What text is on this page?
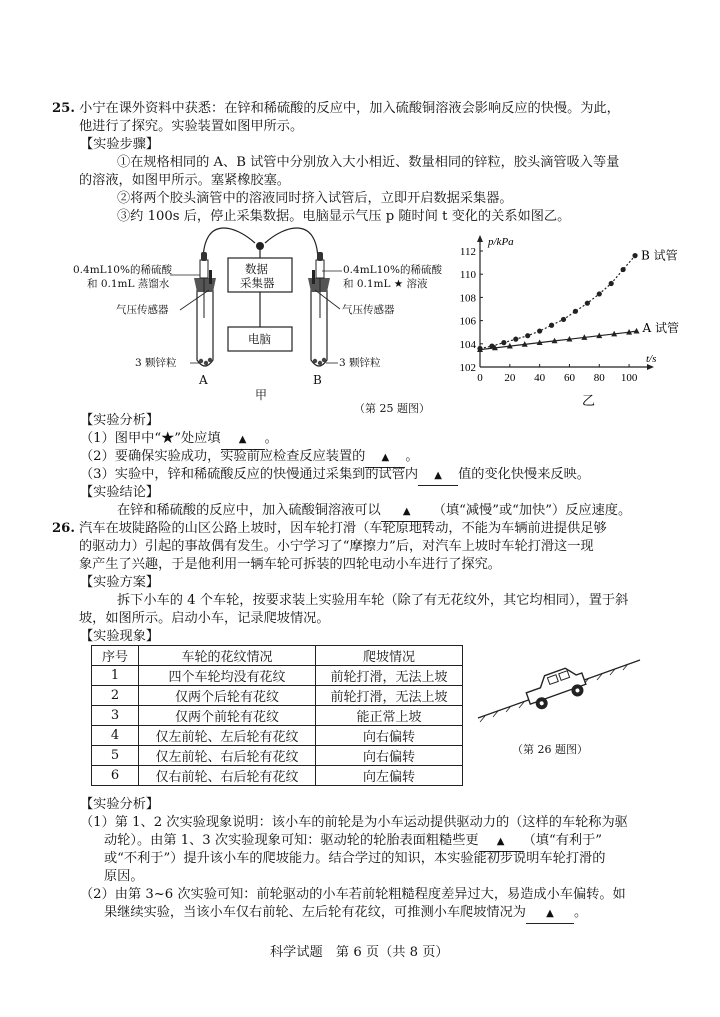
25. 小宁在课外资料中获悉：在锌和稀硫酸的反应中，加入硫酸铜溶液会影响反应的快慢。为此，
他进行了探究。实验装置如图甲所示。
【实验步骤】
①在规格相同的 A、B 试管中分别放入大小相近、数量相同的锌粒，胶头滴管吸入等量
的溶液，如图甲所示。塞紧橡胶塞。
②将两个胶头滴管中的溶液同时挤入试管后，立即开启数据采集器。
③约 100s 后，停止采集数据。电脑显示气压 p 随时间 t 变化的关系如图乙。
0.4mL10%的稀硫酸
和 0.1mL 蒸馏水
0.4mL10%的稀硫酸
和 0.1mL ★ 溶液
气压传感器	气压传感器
3 颗锌粒	3 颗锌粒
数据
采集器
电脑
A	B
甲
（第 25 题图）
0 20 40 60 80 100
102
104
106
108
110
112
p/kPa
t/s
乙
B 试管
A 试管
【实验分析】
（1）图甲中“★”处应填 ▲ 。
（2）要确保实验成功，实验前应检查反应装置的 ▲ 。
（3）实验中，锌和稀硫酸反应的快慢通过采集到的试管内 ▲ 值的变化快慢来反映。
【实验结论】
在锌和稀硫酸的反应中，加入硫酸铜溶液可以 ▲ （填“减慢”或“加快”）反应速度。
26. 汽车在坡陡路险的山区公路上坡时，因车轮打滑（车轮原地转动，不能为车辆前进提供足够
的驱动力）引起的事故偶有发生。小宁学习了“摩擦力”后，对汽车上坡时车轮打滑这一现
象产生了兴趣，于是他利用一辆车轮可拆装的四轮电动小车进行了探究。
【实验方案】
拆下小车的 4 个车轮，按要求装上实验用车轮（除了有无花纹外，其它均相同），置于斜
坡，如图所示。启动小车，记录爬坡情况。
【实验现象】
序号	车轮的花纹情况	爬坡情况
1	四个车轮均没有花纹	前轮打滑，无法上坡
2	仅两个后轮有花纹	前轮打滑，无法上坡
3	仅两个前轮有花纹	能正常上坡
4	仅左前轮、左后轮有花纹	向右偏转
5	仅左前轮、右后轮有花纹	向右偏转
6	仅右前轮、右后轮有花纹	向左偏转
（第 26 题图）
【实验分析】
（1）第 1、2 次实验现象说明：该小车的前轮是为小车运动提供驱动力的（这样的车轮称为驱
动轮）。由第 1、3 次实验现象可知：驱动轮的轮胎表面粗糙些更 ▲ （填“有利于”
或“不利于”）提升该小车的爬坡能力。结合学过的知识，本实验能初步说明车轮打滑的
原因。
（2）由第 3~6 次实验可知：前轮驱动的小车若前轮粗糙程度差异过大，易造成小车偏转。如
果继续实验，当该小车仅右前轮、左后轮有花纹，可推测小车爬坡情况为 ▲ 。
科学试题　第 6 页（共 8 页）
